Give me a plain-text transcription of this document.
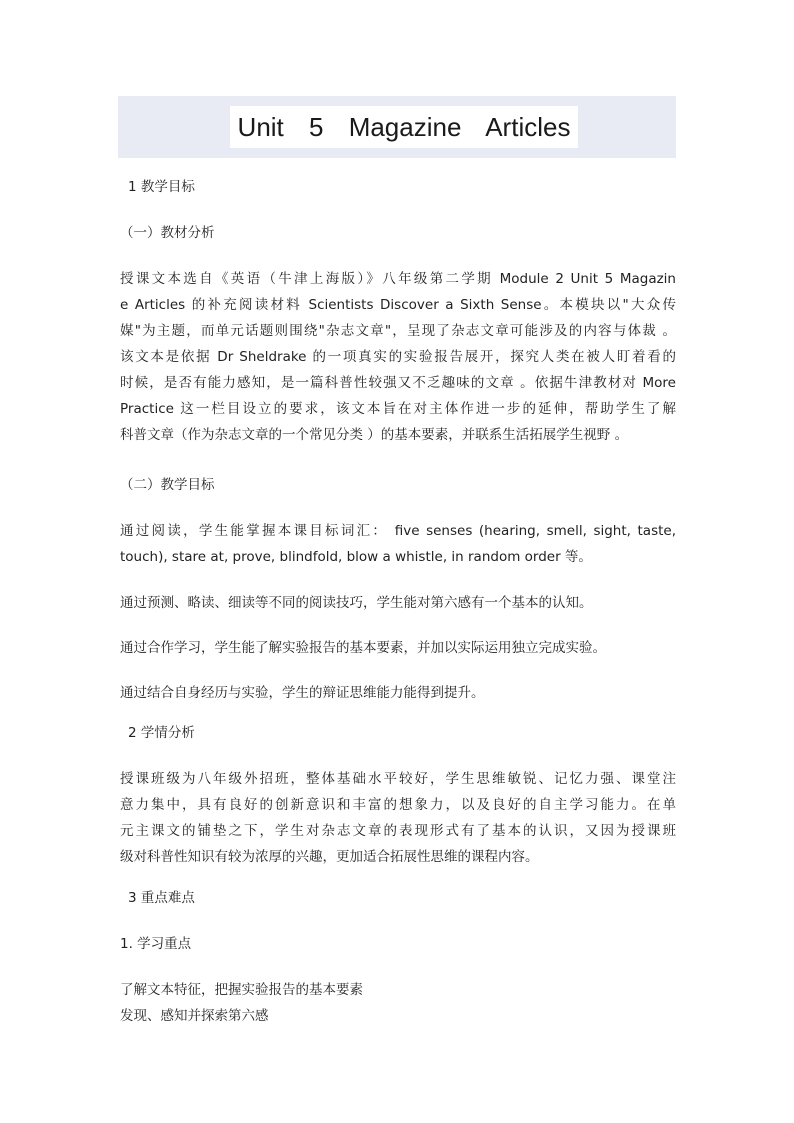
Unit 5 Magazine Articles
1 教学目标
（一）教材分析
授课文本选自《英语（牛津上海版）》八年级第二学期 Module 2 Unit 5 Magazin
e Articles 的补充阅读材料 Scientists Discover a Sixth Sense。本模块以"大众传
媒"为主题，而单元话题则围绕"杂志文章"，呈现了杂志文章可能涉及的内容与体裁 。
该文本是依据 Dr Sheldrake 的一项真实的实验报告展开，探究人类在被人盯着看的
时候，是否有能力感知，是一篇科普性较强又不乏趣味的文章 。依据牛津教材对 More
Practice 这一栏目设立的要求，该文本旨在对主体作进一步的延伸，帮助学生了解
科普文章（作为杂志文章的一个常见分类 ）的基本要素，并联系生活拓展学生视野 。
（二）教学目标
通过阅读，学生能掌握本课目标词汇： five senses (hearing, smell, sight, taste,
touch), stare at, prove, blindfold, blow a whistle, in random order 等。
通过预测、略读、细读等不同的阅读技巧，学生能对第六感有一个基本的认知。
通过合作学习，学生能了解实验报告的基本要素，并加以实际运用独立完成实验。
通过结合自身经历与实验，学生的辩证思维能力能得到提升。
2 学情分析
授课班级为八年级外招班，整体基础水平较好，学生思维敏锐、记忆力强、课堂注
意力集中，具有良好的创新意识和丰富的想象力，以及良好的自主学习能力。在单
元主课文的铺垫之下，学生对杂志文章的表现形式有了基本的认识，又因为授课班
级对科普性知识有较为浓厚的兴趣，更加适合拓展性思维的课程内容。
3 重点难点
1. 学习重点
了解文本特征，把握实验报告的基本要素
发现、感知并探索第六感
